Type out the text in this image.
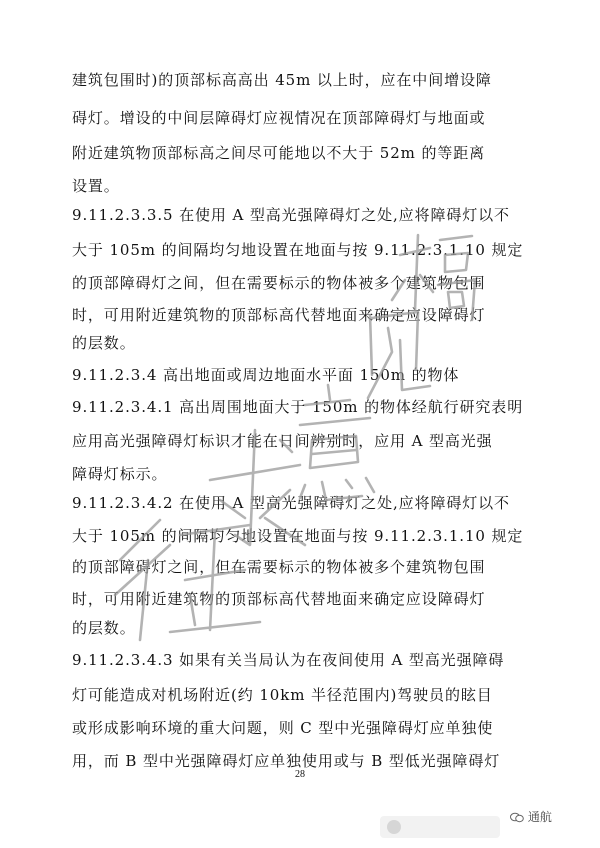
建筑包围时)的顶部标高高出 45m 以上时，应在中间增设障
碍灯。增设的中间层障碍灯应视情况在顶部障碍灯与地面或
附近建筑物顶部标高之间尽可能地以不大于 52m 的等距离
设置。
9.11.2.3.3.5 在使用 A 型高光强障碍灯之处,应将障碍灯以不
大于 105m 的间隔均匀地设置在地面与按 9.11.2.3.1.10 规定
的顶部障碍灯之间，但在需要标示的物体被多个建筑物包围
时，可用附近建筑物的顶部标高代替地面来确定应设障碍灯
的层数。
9.11.2.3.4 高出地面或周边地面水平面 150m 的物体
9.11.2.3.4.1 高出周围地面大于 150m 的物体经航行研究表明
应用高光强障碍灯标识才能在日间辨别时，应用 A 型高光强
障碍灯标示。
9.11.2.3.4.2 在使用 A 型高光强障碍灯之处,应将障碍灯以不
大于 105m 的间隔均匀地设置在地面与按 9.11.2.3.1.10 规定
的顶部障碍灯之间，但在需要标示的物体被多个建筑物包围
时，可用附近建筑物的顶部标高代替地面来确定应设障碍灯
的层数。
9.11.2.3.4.3 如果有关当局认为在夜间使用 A 型高光强障碍
灯可能造成对机场附近(约 10km 半径范围内)驾驶员的眩目
或形成影响环境的重大问题，则 C 型中光强障碍灯应单独使
用，而 B 型中光强障碍灯应单独使用或与 B 型低光强障碍灯
28
通航
